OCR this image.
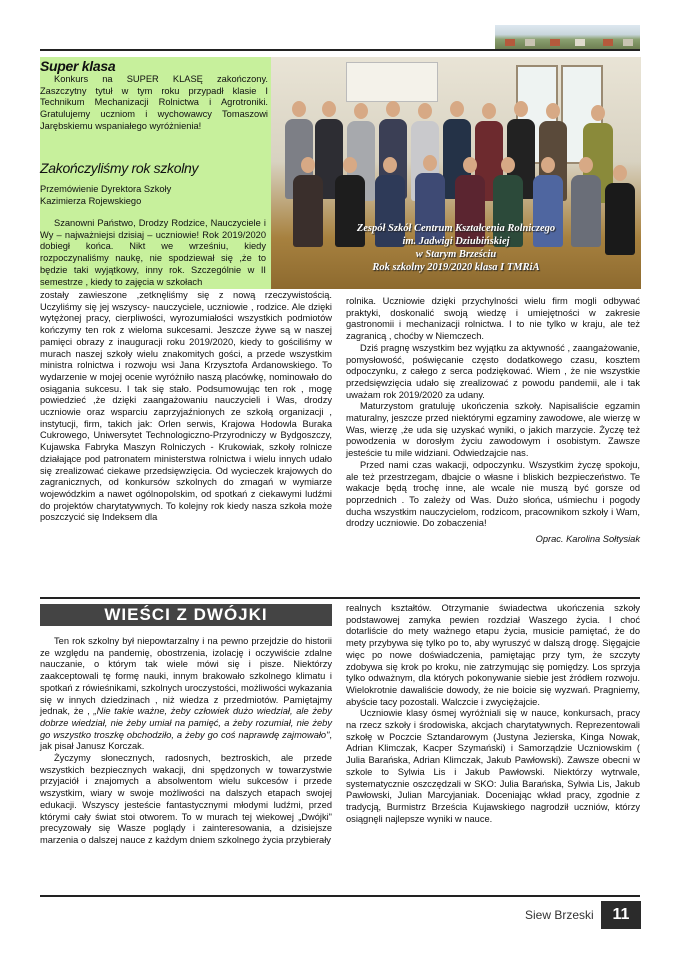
Super klasa

Konkurs na SUPER KLASĘ zakończony. Zaszczytny tytuł w tym roku przypadł klasie I Technikum Mechanizacji Rolnictwa i Agrotroniki. Gratulujemy uczniom i wychowawcy Tomaszowi Jarębskiemu wspaniałego wyróżnienia!

Zakończyliśmy rok szkolny
Przemówienie Dyrektora Szkoły
Kazimierza Rojewskiego

Szanowni Państwo, Drodzy Rodzice, Nauczyciele i Wy – najważniejsi dzisiaj – uczniowie! Rok 2019/2020 dobiegł końca. Nikt we wrześniu, kiedy rozpoczynaliśmy naukę, nie spodziewał się ,że to będzie taki wyjątkowy, inny rok. Szczególnie w II semestrze , kiedy to zajęcia w szkołach

Zespół Szkół Centrum Kształcenia Rolniczego
im. Jadwigi Dziubińskiej
w Starym Brześciu
Rok szkolny 2019/2020 klasa I TMRiA

zostały zawieszone ,zetknęliśmy się z nową rzeczywistością. Uczyliśmy się jej wszyscy- nauczyciele, uczniowie , rodzice. Ale dzięki wytężonej pracy, cierpliwości, wyrozumiałości wszystkich podmiotów kończymy ten rok z wieloma sukcesami. Jeszcze żywe są w naszej pamięci obrazy z inauguracji roku 2019/2020, kiedy to gościliśmy w murach naszej szkoły wielu znakomitych gości, a przede wszystkim ministra rolnictwa i rozwoju wsi Jana Krzysztofa Ardanowskiego. To wydarzenie w mojej ocenie wyróżniło naszą placówkę, nominowało do osiągania sukcesu. I tak się stało. Podsumowując ten rok , mogę powiedzieć ,że dzięki zaangażowaniu nauczycieli i Was, drodzy uczniowie oraz wsparciu zaprzyjaźnionych ze szkołą organizacji , instytucji, firm, takich jak: Orlen serwis, Krajowa Hodowla Buraka Cukrowego, Uniwersytet Technologiczno-Przyrodniczy w Bydgoszczy, Kujawska Fabryka Maszyn Rolniczych - Krukowiak, szkoły rolnicze działające pod patronatem ministerstwa rolnictwa i wielu innych udało się zrealizować ciekawe przedsięwzięcia. Od wycieczek krajowych do zagranicznych, od konkursów szkolnych do zmagań w wymiarze wojewódzkim a nawet ogólnopolskim, od spotkań z ciekawymi ludźmi do projektów charytatywnych. To kolejny rok kiedy nasza szkoła może poszczycić się Indeksem dla

rolnika. Uczniowie dzięki przychylności wielu firm mogli odbywać praktyki, doskonalić swoją wiedzę i umiejętności w zakresie gastronomii i mechanizacji rolnictwa. I to nie tylko w kraju, ale też zagranicą , choćby w Niemczech.

Dziś pragnę wszystkim bez wyjątku za aktywność , zaangażowanie, pomysłowość, poświęcanie często dodatkowego czasu, kosztem odpoczynku, z całego z serca podziękować. Wiem , że nie wszystkie przedsięwzięcia udało się zrealizować z powodu pandemii, ale i tak uważam rok 2019/2020 za udany.

Maturzystom gratuluję ukończenia szkoły. Napisaliście egzamin maturalny, jeszcze przed niektórymi egzaminy zawodowe, ale wierzę w Was, wierzę ,że uda się uzyskać wyniki, o jakich marzycie. Życzę też powodzenia w dorosłym życiu zawodowym i osobistym. Zawsze jesteście tu mile widziani. Odwiedzajcie nas.

Przed nami czas wakacji, odpoczynku. Wszystkim życzę spokoju, ale też przestrzegam, dbajcie o własne i bliskich bezpieczeństwo. Te wakacje będą trochę inne, ale wcale nie muszą być gorsze od poprzednich . To zależy od Was. Dużo słońca, uśmiechu i pogody ducha wszystkim nauczycielom, rodzicom, pracownikom szkoły i Wam, drodzy uczniowie. Do zobaczenia!

Oprac. Karolina Sołtysiak

WIEŚCI Z DWÓJKI

Ten rok szkolny był niepowtarzalny i na pewno przejdzie do historii ze względu na pandemię, obostrzenia, izolację i oczywiście zdalne nauczanie, o którym tak wiele mówi się i pisze. Niektórzy zaakceptowali tę formę nauki, innym brakowało szkolnego klimatu i spotkań z rówieśnikami, szkolnych uroczystości, możliwości wykazania się w innych dziedzinach , niż wiedza z przedmiotów. Pamiętajmy jednak, że , „Nie takie ważne, żeby człowiek dużo wiedział, ale żeby dobrze wiedział, nie żeby umiał na pamięć, a żeby rozumiał, nie żeby go wszystko troszkę obchodziło, a żeby go coś naprawdę zajmowało", jak pisał Janusz Korczak.

Życzymy słonecznych, radosnych, beztroskich, ale przede wszystkich bezpiecznych wakacji, dni spędzonych w towarzystwie przyjaciół i znajomych a absolwentom wielu sukcesów i przede wszystkim, wiary w swoje możliwości na dalszych etapach swojej edukacji. Wszyscy jesteście fantastycznymi młodymi ludźmi, przed którymi cały świat stoi otworem. To w murach tej wiekowej „Dwójki" precyzowały się Wasze poglądy i zainteresowania, a dzisiejsze marzenia o dalszej nauce z każdym dniem szkolnego życia przybierały

realnych kształtów. Otrzymanie świadectwa ukończenia szkoły podstawowej zamyka pewien rozdział Waszego życia. I choć dotarliście do mety ważnego etapu życia, musicie pamiętać, że do mety przybywa się tylko po to, aby wyruszyć w dalszą drogę. Sięgajcie więc po nowe doświadczenia, pamiętając przy tym, że szczyty zdobywa się krok po kroku, nie zatrzymując się pomiędzy. Los sprzyja tylko odważnym, dla których pokonywanie siebie jest źródłem rozwoju. Wielokrotnie dawaliście dowody, że nie boicie się wyzwań. Pragniemy, abyście tacy pozostali. Walczcie i zwyciężajcie.

Uczniowie klasy ósmej wyróżniali się w nauce, konkursach, pracy na rzecz szkoły i środowiska, akcjach charytatywnych. Reprezentowali szkołę w Poczcie Sztandarowym (Justyna Jezierska, Kinga Nowak, Adrian Klimczak, Kacper Szymański) i Samorządzie Uczniowskim ( Julia Barańska, Adrian Klimczak, Jakub Pawłowski). Zawsze obecni w szkole to Sylwia Lis i Jakub Pawłowski. Niektórzy wytrwale, systematycznie oszczędzali w SKO: Julia Barańska, Sylwia Lis, Jakub Pawłowski, Julian Marcyjaniak. Doceniając wkład pracy, zgodnie z tradycją, Burmistrz Brześcia Kujawskiego nagrodził uczniów, którzy osiągnęli najlepsze wyniki w nauce.

Siew Brzeski	11
